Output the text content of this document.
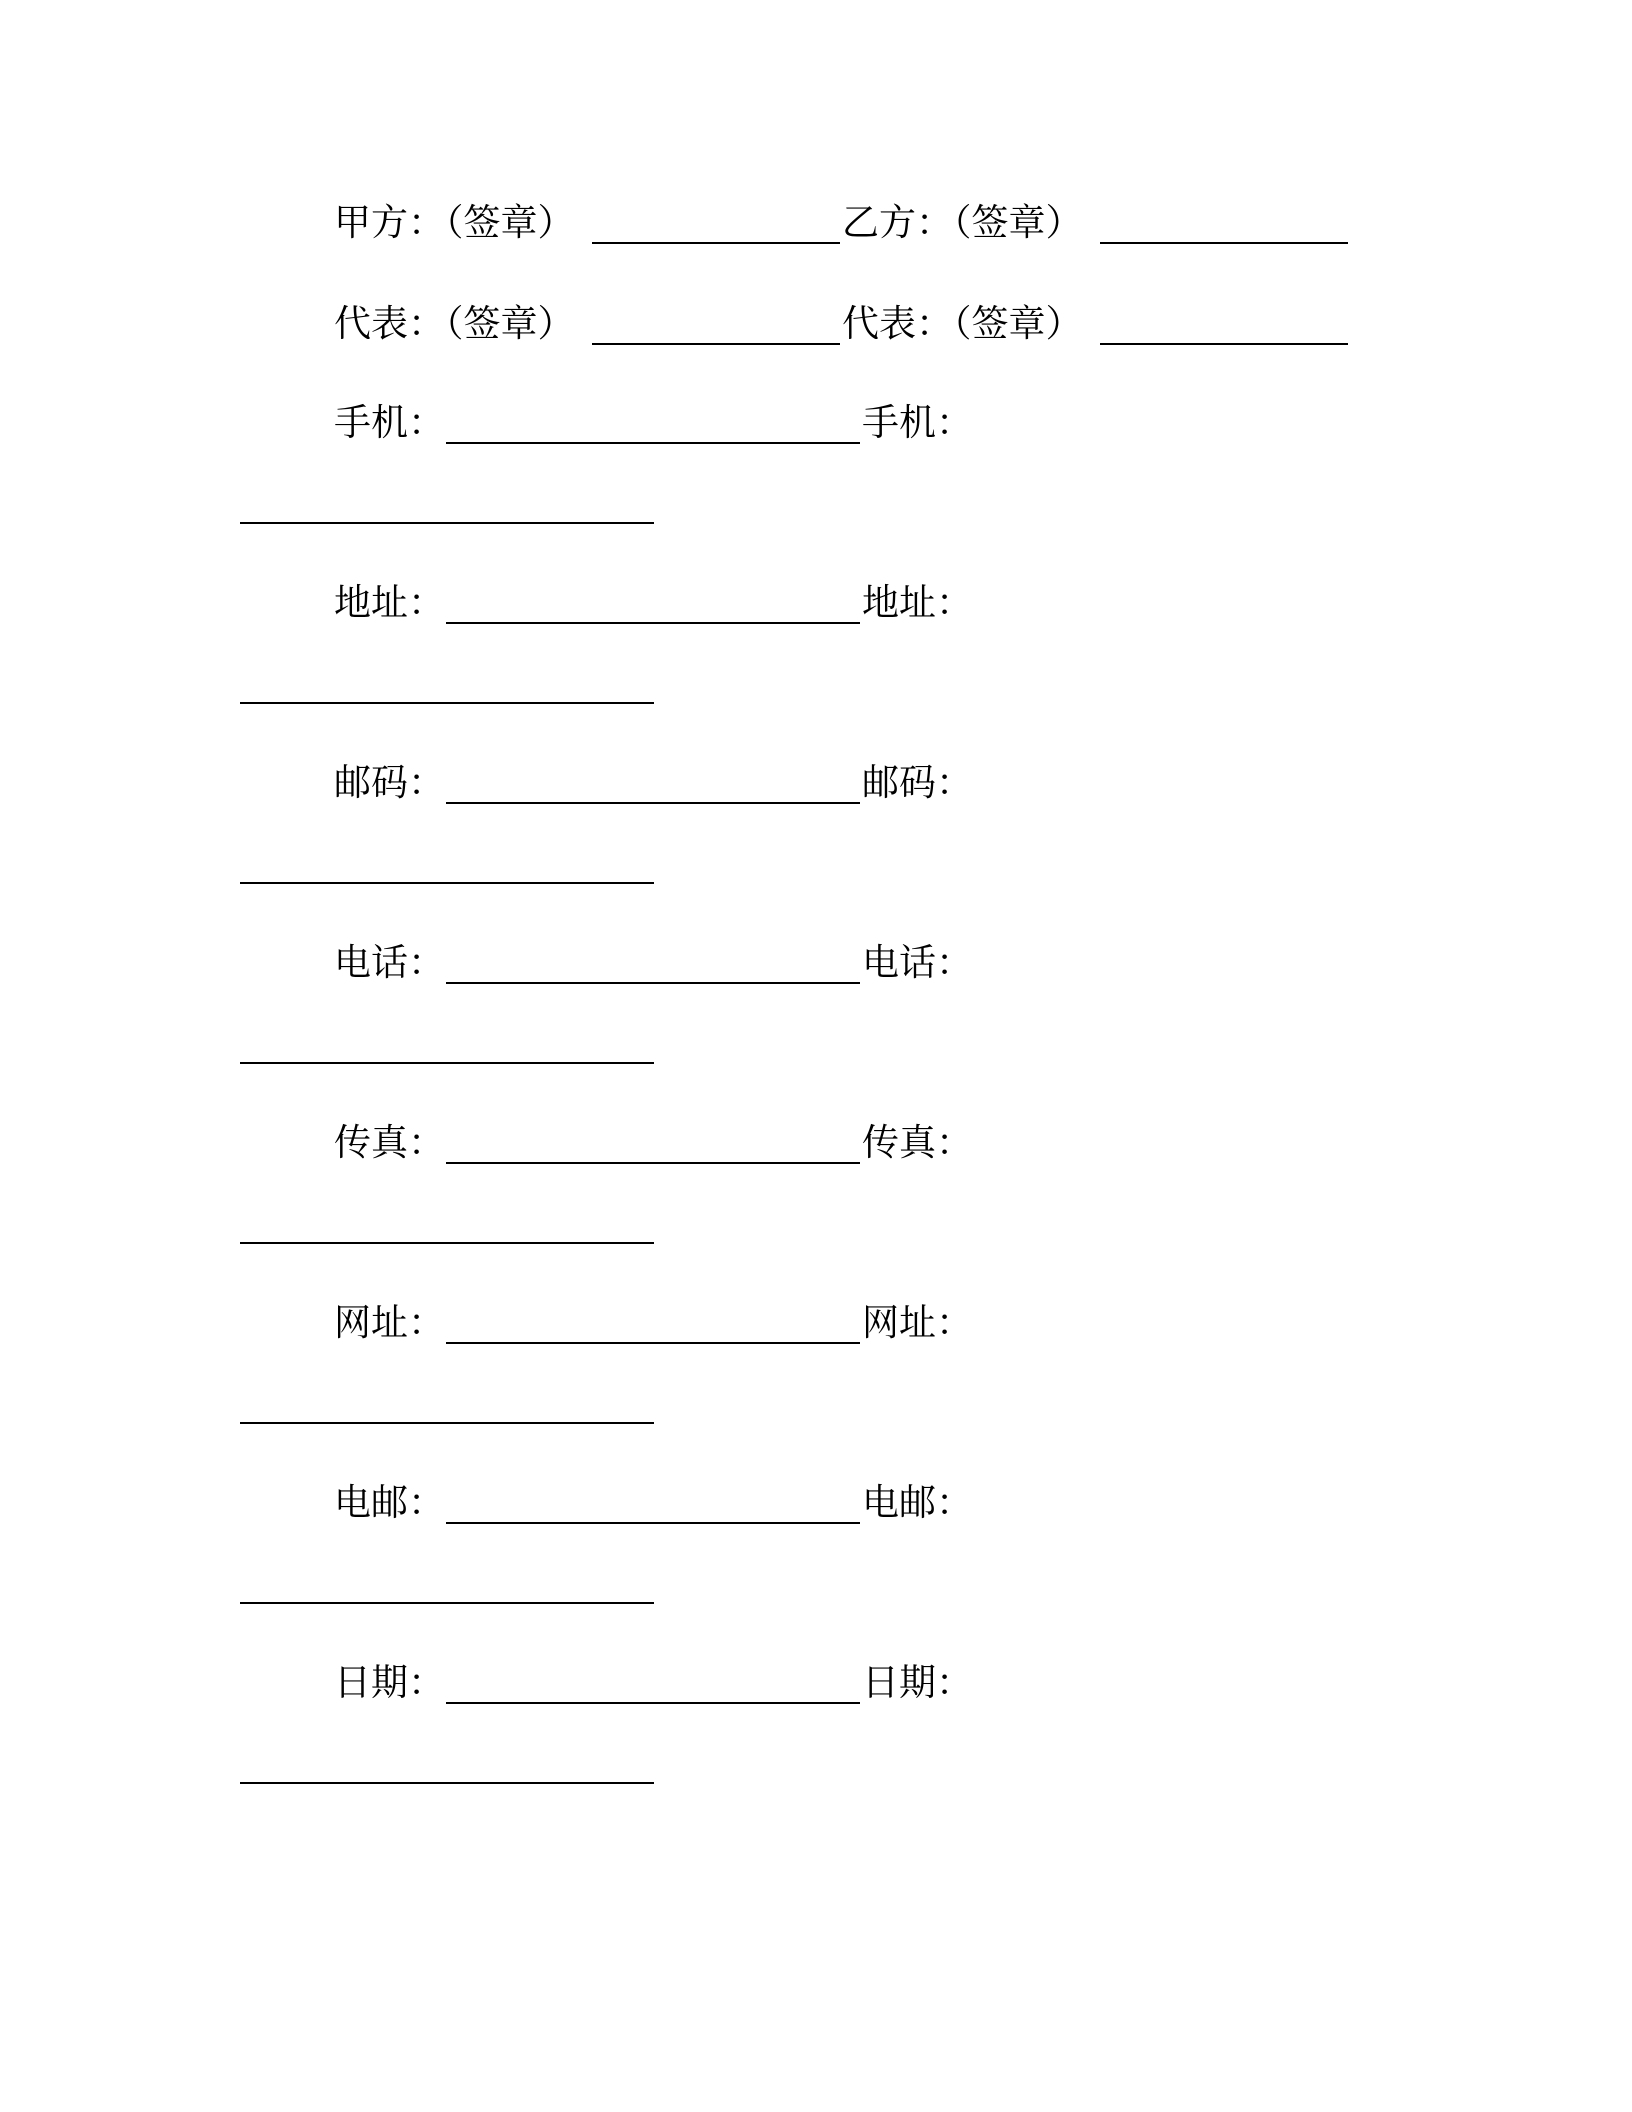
甲方：（签章）	乙方：（签章）
代表：（签章）	代表：（签章）
手机：	手机：
地址：	地址：
邮码：	邮码：
电话：	电话：
传真：	传真：
网址：	网址：
电邮：	电邮：
日期：	日期：
